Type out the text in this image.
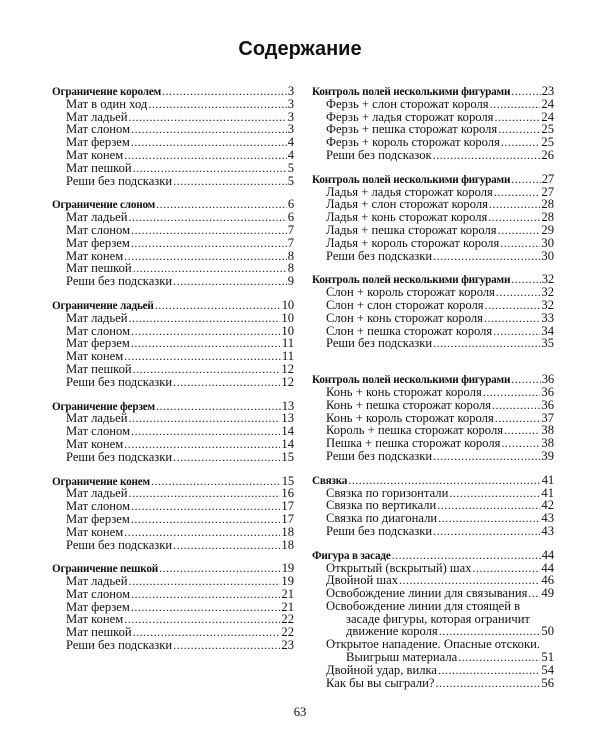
Содержание
Ограничение королем .....	3
Мат в один ход .....	3
Мат ладьей .....	3
Мат слоном .....	3
Мат ферзем .....	4
Мат конем .....	4
Мат пешкой .....	5
Реши без подсказки .....	5
Ограничение слоном .....	6
Мат ладьей .....	6
Мат слоном .....	7
Мат ферзем .....	7
Мат конем .....	8
Мат пешкой .....	8
Реши без подсказки .....	9
Ограничение ладьей .....	10
Мат ладьей .....	10
Мат слоном .....	10
Мат ферзем .....	11
Мат конем .....	11
Мат пешкой .....	12
Реши без подсказки .....	12
Ограничение ферзем .....	13
Мат ладьей .....	13
Мат слоном .....	14
Мат конем .....	14
Реши без подсказки .....	15
Ограничение конем .....	15
Мат ладьей .....	16
Мат слоном .....	17
Мат ферзем .....	17
Мат конем .....	18
Реши без подсказки .....	18
Ограничение пешкой .....	19
Мат ладьей .....	19
Мат слоном .....	21
Мат ферзем .....	21
Мат конем .....	22
Мат пешкой .....	22
Реши без подсказки .....	23
Контроль полей несколькими фигурами .....	23
Ферзь + слон сторожат короля .....	24
Ферзь + ладья сторожат короля .....	24
Ферзь + пешка сторожат короля .....	25
Ферзь + король сторожат короля .....	25
Реши без подсказок .....	26
Контроль полей несколькими фигурами .....	27
Ладья + ладья сторожат короля .....	27
Ладья + слон сторожат короля .....	28
Ладья + конь сторожат короля .....	28
Ладья + пешка сторожат короля .....	29
Ладья + король сторожат короля .....	30
Реши без подсказки .....	30
Контроль полей несколькими фигурами .....	32
Слон + король сторожат короля .....	32
Слон + слон сторожат короля .....	32
Слон + конь сторожат короля .....	33
Слон + пешка сторожат короля .....	34
Реши без подсказки .....	35
Контроль полей несколькими фигурами .....	36
Конь + конь сторожат короля .....	36
Конь + пешка сторожат короля .....	36
Конь + король сторожат короля .....	37
Король + пешка сторожат короля .....	38
Пешка + пешка сторожат короля .....	38
Реши без подсказки .....	39
Связка .....	41
Связка по горизонтали .....	41
Связка по вертикали .....	42
Связка по диагонали .....	43
Реши без подсказки .....	43
Фигура в засаде .....	44
Открытый (вскрытый) шах .....	44
Двойной шах .....	46
Освобождение линии для связывания ..... 49
Освобождение линии для стоящей в
засаде фигуры, которая ограничит
движение короля .....	50
Открытое нападение. Опасные отскоки.
Выигрыш материала .....	51
Двойной удар, вилка .....	54
Как бы вы сыграли? .....	56
63
